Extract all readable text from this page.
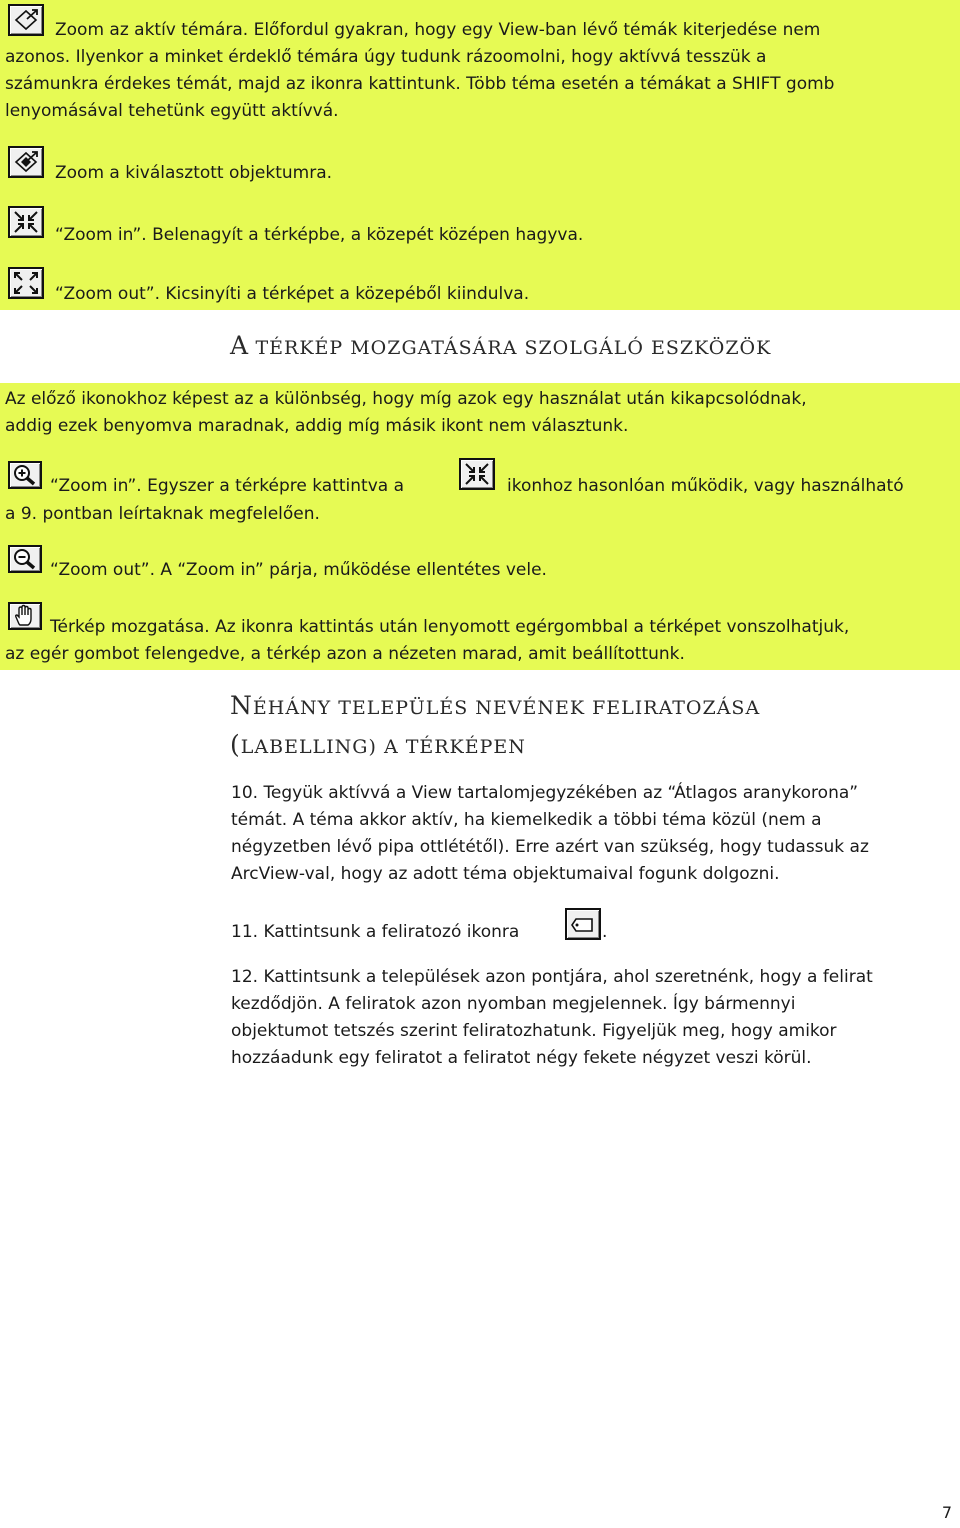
Zoom az aktív témára. Előfordul gyakran, hogy egy View-ban lévő témák kiterjedése nem
azonos. Ilyenkor a minket érdeklő témára úgy tudunk rázoomolni, hogy aktívvá tesszük a
számunkra érdekes témát, majd az ikonra kattintunk. Több téma esetén a témákat a SHIFT gomb
lenyomásával tehetünk együtt aktívvá.
Zoom a kiválasztott objektumra.
“Zoom in”. Belenagyít a térképbe, a közepét középen hagyva.
“Zoom out”. Kicsinyíti a térképet a közepéből kiindulva.
A TÉRKÉP MOZGATÁSÁRA SZOLGÁLÓ ESZKÖZÖK
Az előző ikonokhoz képest az a különbség, hogy míg azok egy használat után kikapcsolódnak,
addig ezek benyomva maradnak, addig míg másik ikont nem választunk.
“Zoom in”. Egyszer a térképre kattintva a	ikonhoz hasonlóan működik, vagy használható
a 9. pontban leírtaknak megfelelően.
“Zoom out”. A “Zoom in” párja, működése ellentétes vele.
Térkép mozgatása. Az ikonra kattintás után lenyomott egérgombbal a térképet vonszolhatjuk,
az egér gombot felengedve, a térkép azon a nézeten marad, amit beállítottunk.
NÉHÁNY TELEPÜLÉS NEVÉNEK FELIRATOZÁSA
(LABELLING) A TÉRKÉPEN
10. Tegyük aktívvá a View tartalomjegyzékében az “Átlagos aranykorona”
témát. A téma akkor aktív, ha kiemelkedik a többi téma közül (nem a
négyzetben lévő pipa ottlététől). Erre azért van szükség, hogy tudassuk az
ArcView-val, hogy az adott téma objektumaival fogunk dolgozni.
11. Kattintsunk a feliratozó ikonra	.
12. Kattintsunk a települések azon pontjára, ahol szeretnénk, hogy a felirat
kezdődjön. A feliratok azon nyomban megjelennek. Így bármennyi
objektumot tetszés szerint feliratozhatunk. Figyeljük meg, hogy amikor
hozzáadunk egy feliratot a feliratot négy fekete négyzet veszi körül.
7
